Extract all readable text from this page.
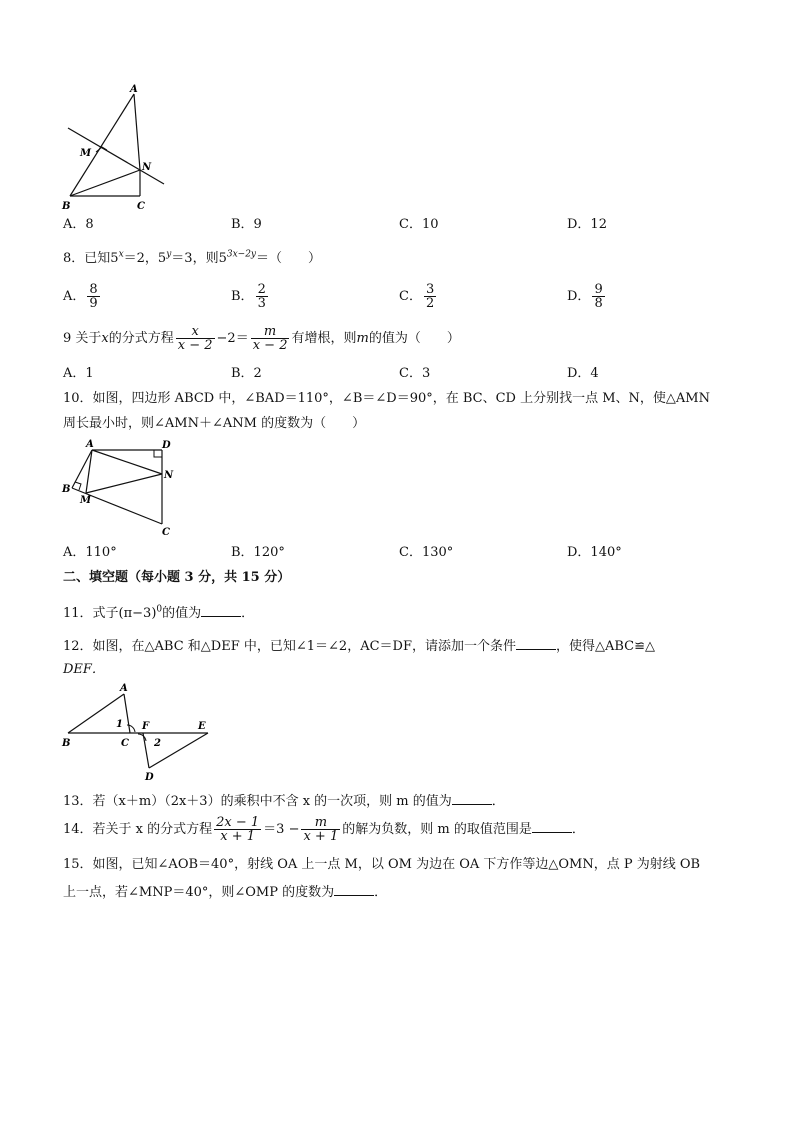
A
M
N
B	C
A．8	B．9	C．10	D．12
8．已知$5^x=2$，$5^y=3$，则$5^{3x-2y}=$（　　）
A． $\frac{8}{9}$	B． $\frac{2}{3}$	C． $\frac{3}{2}$	D． $\frac{9}{8}$
9 关于x的分式方程 $\frac{x}{x - 2} -2= \frac{m}{x - 2}$ 有增根，则m的值为（　　）
A．1	B．2	C．3	D．4
10．如图，四边形 ABCD 中，∠BAD＝110°，∠B＝∠D＝90°，在 BC、CD 上分别找一点 M、N，使△AMN
周长最小时，则∠AMN＋∠ANM 的度数为（　　）
A	D
N
B
M
C
A．110°	B．120°	C．130°	D．140°
二、填空题（每小题 3 分，共 15 分）
11．式子$(\pi-3)^0$的值为	．
12．如图，在△ABC 和△DEF 中，已知∠1＝∠2，AC＝DF，请添加一个条件	，使得△ABC≌△
DEF．
A
1 F	E
B	C	2
D
13．若（x＋m）（2x＋3）的乘积中不含 x 的一次项，则 m 的值为	．
14．若关于 x 的分式方程 $\frac{2x - 1}{x + 1} =3 - \frac{m}{x + 1}$ 的解为负数，则 m 的取值范围是	．
15．如图，已知∠AOB＝40°，射线 OA 上一点 M，以 OM 为边在 OA 下方作等边△OMN，点 P 为射线 OB
上一点，若∠MNP＝40°，则∠OMP 的度数为	．
